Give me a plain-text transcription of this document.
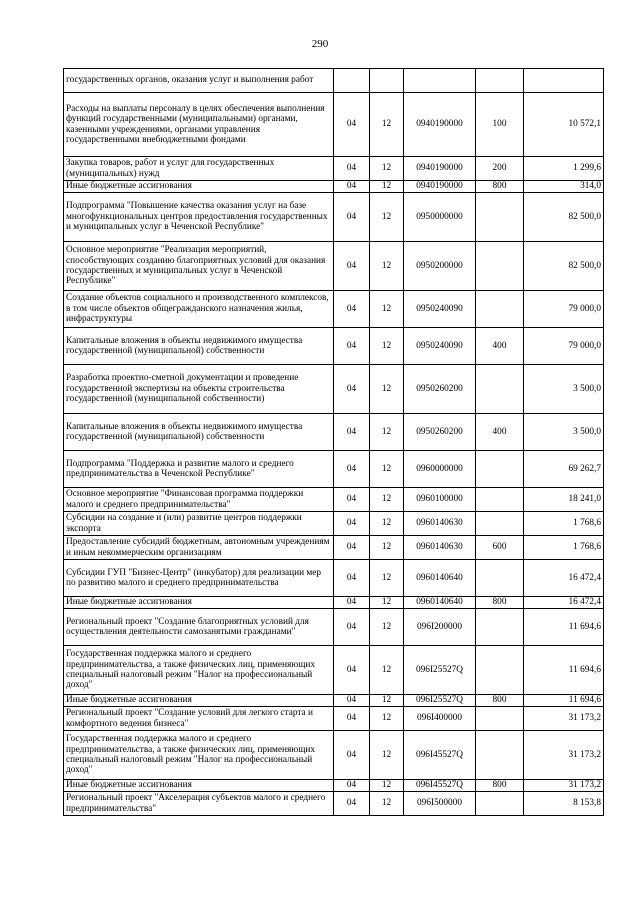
290
государственных органов, оказания услуг и выполнения работ					
Расходы на выплаты персоналу в целях обеспечения выполнения функций государственными (муниципальными) органами, казенными учреждениями, органами управления государственными внебюджетными фондами	04	12	0940190000	100	10 572,1
Закупка товаров, работ и услуг для государственных (муниципальных) нужд	04	12	0940190000	200	1 299,6
Иные бюджетные ассигнования	04	12	0940190000	800	314,0
Подпрограмма "Повышение качества оказания услуг на базе многофункциональных центров предоставления государственных и муниципальных услуг в Чеченской Республике"	04	12	0950000000		82 500,0
Основное мероприятие "Реализация мероприятий, способствующих созданию благоприятных условий для оказания государственных и муниципальных услуг в Чеченской Республике"	04	12	0950200000		82 500,0
Создание объектов социального и производственного комплексов, в том числе объектов общегражданского назначения жилья, инфраструктуры	04	12	0950240090		79 000,0
Капитальные вложения в объекты недвижимого имущества государственной (муниципальной) собственности	04	12	0950240090	400	79 000,0
Разработка проектно-сметной документации и проведение государственной экспертизы на объекты строительства государственной (муниципальной собственности)	04	12	0950260200		3 500,0
Капитальные вложения в объекты недвижимого имущества государственной (муниципальной) собственности	04	12	0950260200	400	3 500,0
Подпрограмма "Поддержка и развитие малого и среднего предпринимательства в Чеченской Республике"	04	12	0960000000		69 262,7
Основное мероприятие "Финансовая программа поддержки малого и среднего предпринимательства"	04	12	0960100000		18 241,0
Субсидии на создание и (или) развитие центров поддержки экспорта	04	12	0960140630		1 768,6
Предоставление субсидий бюджетным, автономным учреждениям и иным некоммерческим организациям	04	12	0960140630	600	1 768,6
Субсидии ГУП "Бизнес-Центр" (инкубатор) для реализации мер по развитию малого и среднего предпринимательства	04	12	0960140640		16 472,4
Иные бюджетные ассигнования	04	12	0960140640	800	16 472,4
Региональный проект "Создание благоприятных условий для осуществления деятельности самозанятыми гражданами"	04	12	096I200000		11 694,6
Государственная поддержка малого и среднего предпринимательства, а также физических лиц, применяющих специальный налоговый режим "Налог на профессиональный доход"	04	12	096I25527Q		11 694,6
Иные бюджетные ассигнования	04	12	096I25527Q	800	11 694,6
Региональный проект "Создание условий для легкого старта и комфортного ведения бизнеса"	04	12	096I400000		31 173,2
Государственная поддержка малого и среднего предпринимательства, а также физических лиц, применяющих специальный налоговый режим "Налог на профессиональный доход"	04	12	096I45527Q		31 173,2
Иные бюджетные ассигнования	04	12	096I45527Q	800	31 173,2
Региональный проект "Акселерация субъектов малого и среднего предпринимательства"	04	12	096I500000		8 153,8
